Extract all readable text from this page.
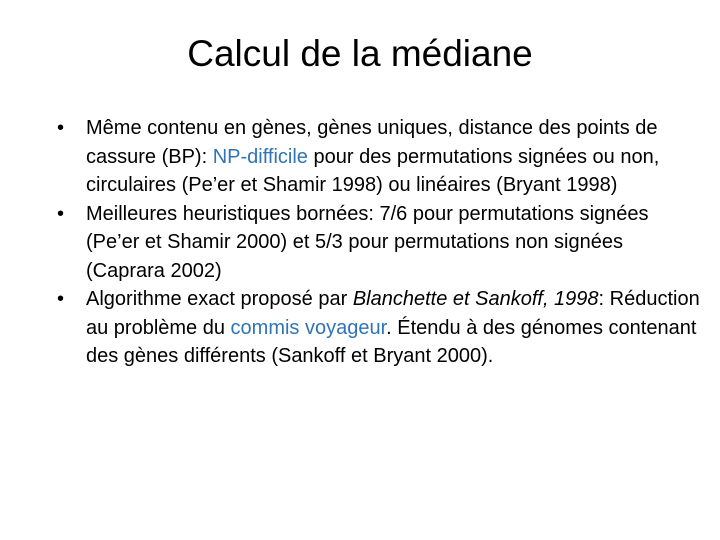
Calcul de la médiane
•	Même contenu en gènes, gènes uniques, distance des points de cassure (BP): NP-difficile pour des permutations signées ou non, circulaires (Pe’er et Shamir 1998) ou linéaires (Bryant 1998)
•	Meilleures heuristiques bornées: 7/6 pour permutations signées (Pe’er et Shamir 2000) et 5/3 pour permutations non signées (Caprara 2002)
•	Algorithme exact proposé par Blanchette et Sankoff, 1998: Réduction au problème du commis voyageur. Étendu à des génomes contenant des gènes différents (Sankoff et Bryant 2000).
